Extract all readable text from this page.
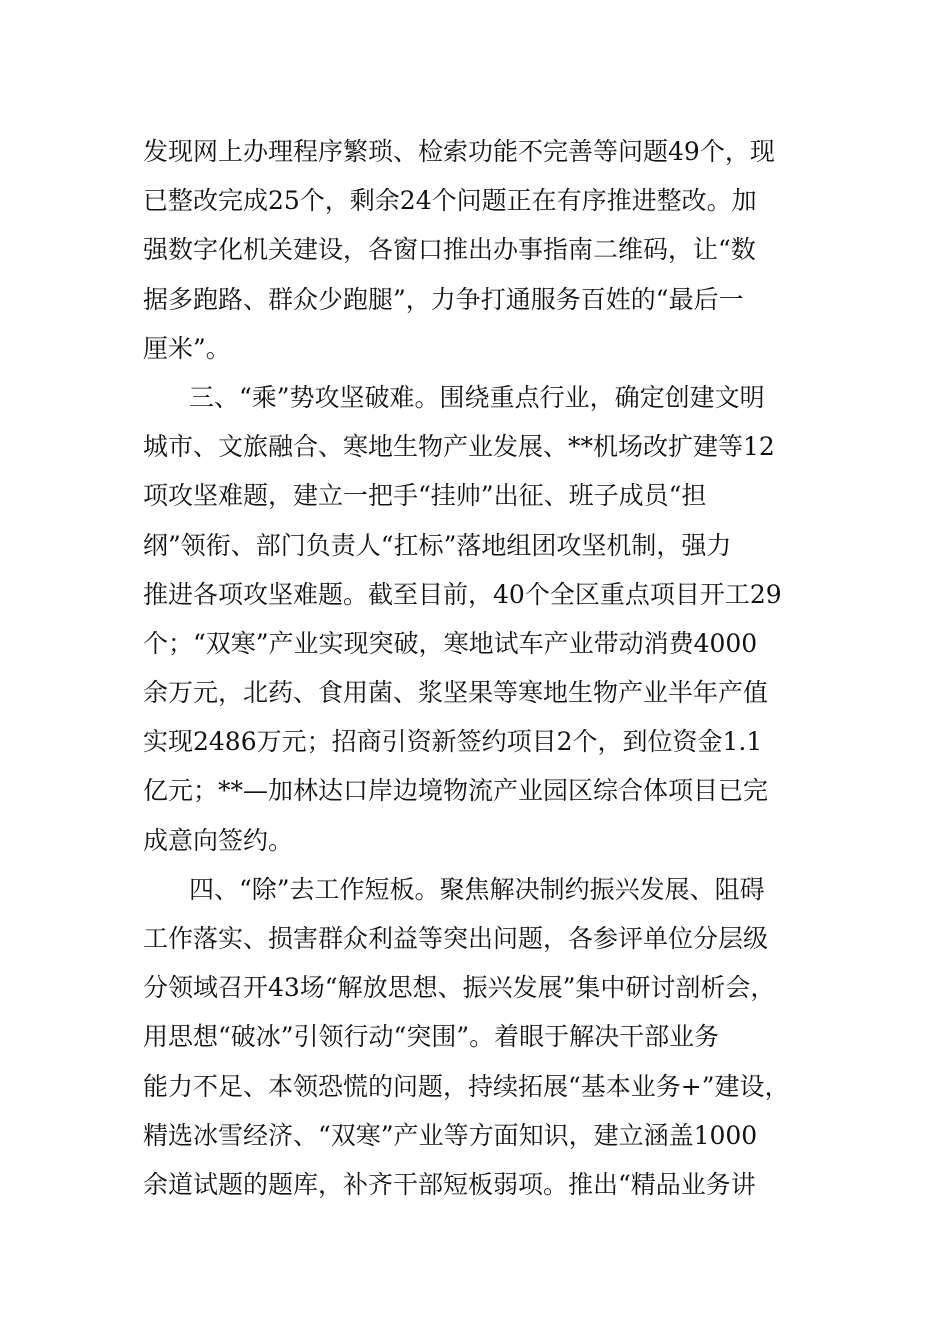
发现网上办理程序繁琐、检索功能不完善等问题49个，现
已整改完成25个，剩余24个问题正在有序推进整改。加
强数字化机关建设，各窗口推出办事指南二维码，让“数
据多跑路、群众少跑腿”，力争打通服务百姓的“最后一
厘米”。
三、“乘”势攻坚破难。围绕重点行业，确定创建文明
城市、文旅融合、寒地生物产业发展、**机场改扩建等12
项攻坚难题，建立一把手“挂帅”出征、班子成员“担
纲”领衔、部门负责人“扛标”落地组团攻坚机制，强力
推进各项攻坚难题。截至目前，40个全区重点项目开工29
个；“双寒”产业实现突破，寒地试车产业带动消费4000
余万元，北药、食用菌、浆坚果等寒地生物产业半年产值
实现2486万元；招商引资新签约项目2个，到位资金1.1
亿元；**—加林达口岸边境物流产业园区综合体项目已完
成意向签约。
四、“除”去工作短板。聚焦解决制约振兴发展、阻碍
工作落实、损害群众利益等突出问题，各参评单位分层级
分领域召开43场“解放思想、振兴发展”集中研讨剖析会，
用思想“破冰”引领行动“突围”。着眼于解决干部业务
能力不足、本领恐慌的问题，持续拓展“基本业务+”建设，
精选冰雪经济、“双寒”产业等方面知识，建立涵盖1000
余道试题的题库，补齐干部短板弱项。推出“精品业务讲
